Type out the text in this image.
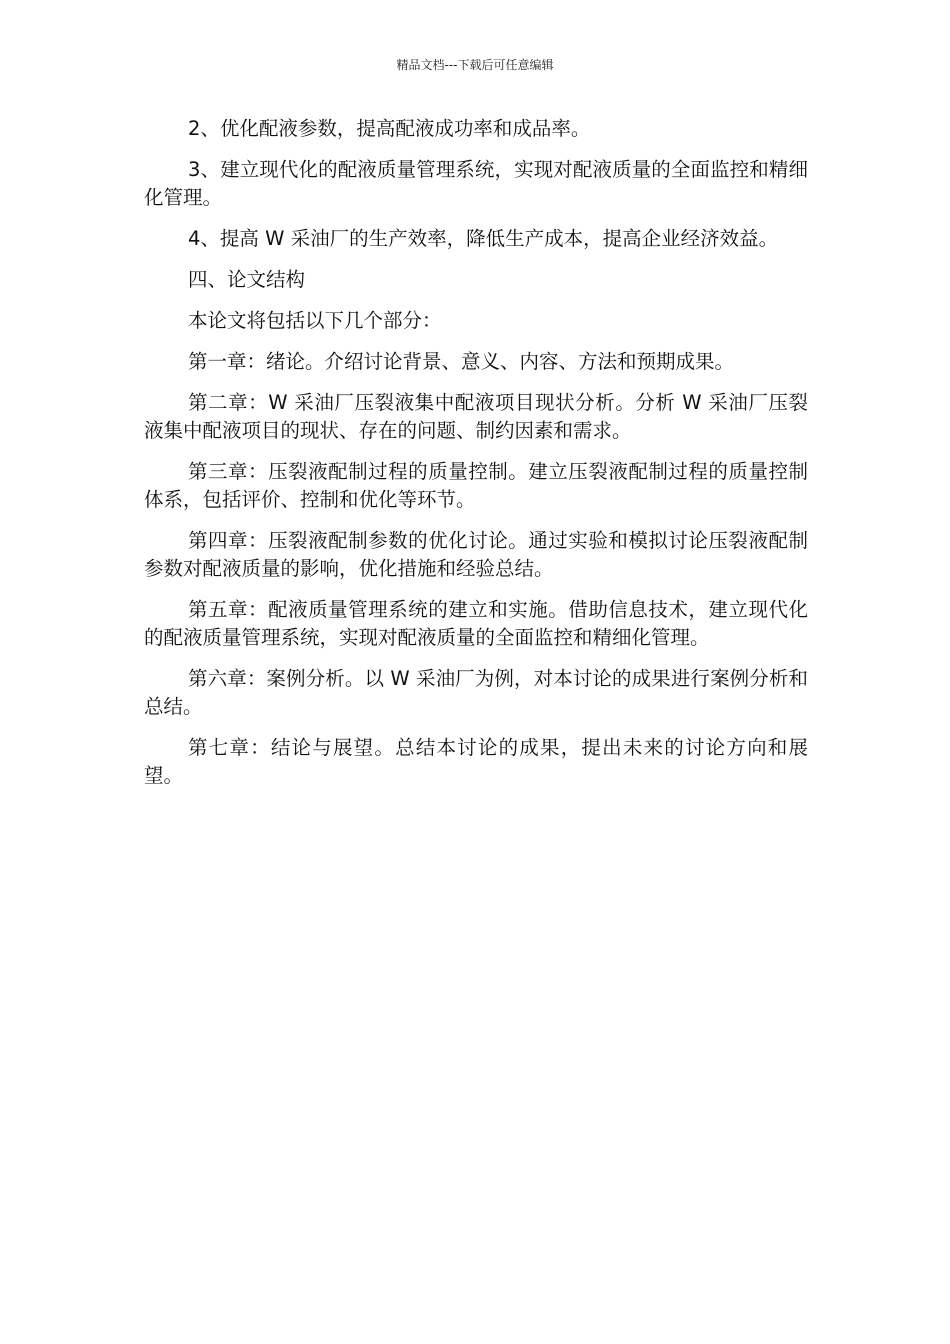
精品文档---下载后可任意编辑

2、优化配液参数，提高配液成功率和成品率。

3、建立现代化的配液质量管理系统，实现对配液质量的全面监控和精细化管理。

4、提高 W 采油厂的生产效率，降低生产成本，提高企业经济效益。

四、论文结构

本论文将包括以下几个部分：

第一章：绪论。介绍讨论背景、意义、内容、方法和预期成果。

第二章：W 采油厂压裂液集中配液项目现状分析。分析 W 采油厂压裂液集中配液项目的现状、存在的问题、制约因素和需求。

第三章：压裂液配制过程的质量控制。建立压裂液配制过程的质量控制体系，包括评价、控制和优化等环节。

第四章：压裂液配制参数的优化讨论。通过实验和模拟讨论压裂液配制参数对配液质量的影响，优化措施和经验总结。

第五章：配液质量管理系统的建立和实施。借助信息技术，建立现代化的配液质量管理系统，实现对配液质量的全面监控和精细化管理。

第六章：案例分析。以 W 采油厂为例，对本讨论的成果进行案例分析和总结。

第七章：结论与展望。总结本讨论的成果，提出未来的讨论方向和展望。
